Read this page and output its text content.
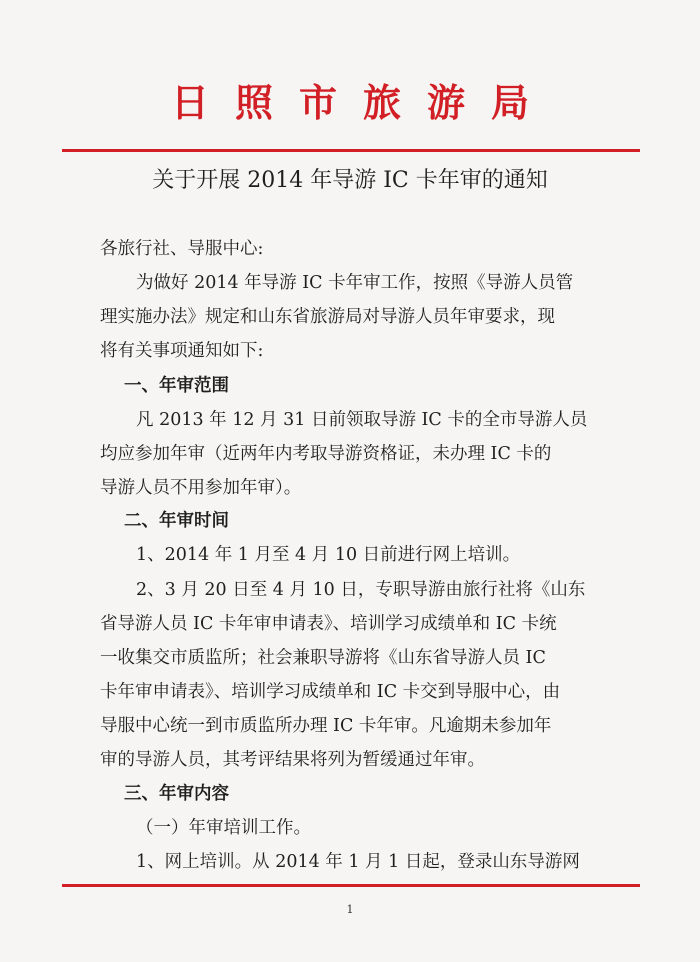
日照市旅游局
关于开展 2014 年导游 IC 卡年审的通知
各旅行社、导服中心:
为做好 2014 年导游 IC 卡年审工作，按照《导游人员管
理实施办法》规定和山东省旅游局对导游人员年审要求，现
将有关事项通知如下:
一、年审范围
凡 2013 年 12 月 31 日前领取导游 IC 卡的全市导游人员
均应参加年审（近两年内考取导游资格证，未办理 IC 卡的
导游人员不用参加年审）。
二、年审时间
1、2014 年 1 月至 4 月 10 日前进行网上培训。
2、3 月 20 日至 4 月 10 日，专职导游由旅行社将《山东
省导游人员 IC 卡年审申请表》、培训学习成绩单和 IC 卡统
一收集交市质监所；社会兼职导游将《山东省导游人员 IC
卡年审申请表》、培训学习成绩单和 IC 卡交到导服中心，由
导服中心统一到市质监所办理 IC 卡年审。凡逾期未参加年
审的导游人员，其考评结果将列为暂缓通过年审。
三、年审内容
（一）年审培训工作。
1、网上培训。从 2014 年 1 月 1 日起，登录山东导游网
1
